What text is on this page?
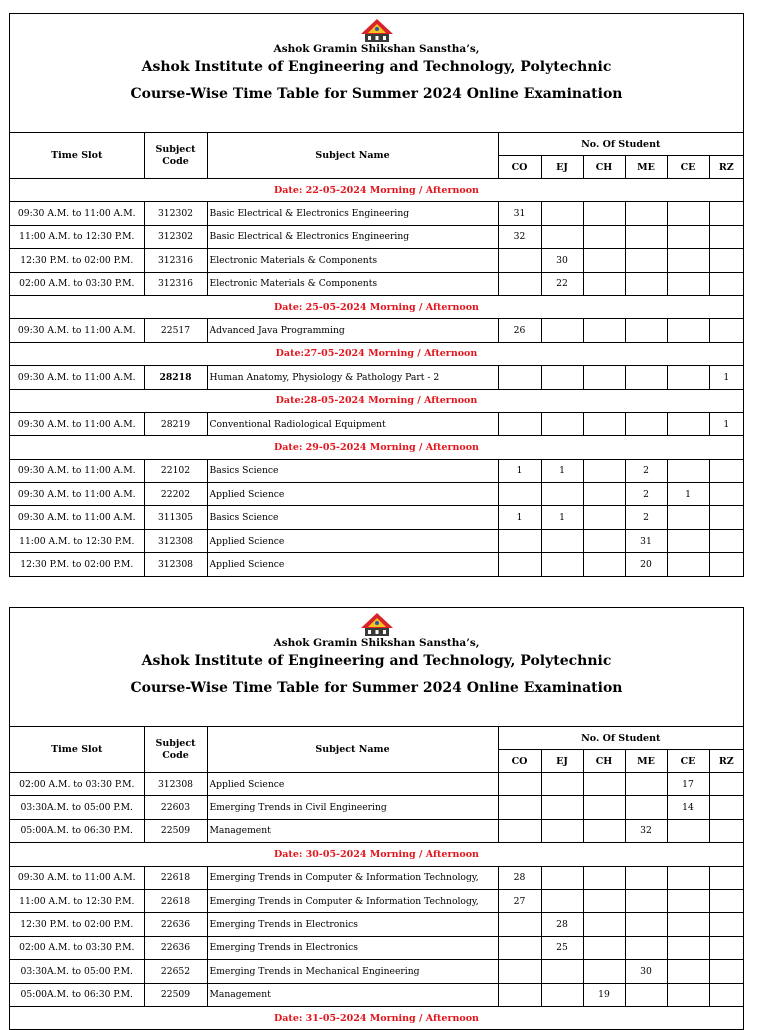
Ashok Gramin Shikshan Sanstha’s,
Ashok Institute of Engineering and Technology, Polytechnic
Course-Wise Time Table for Summer 2024 Online Examination
Time Slot	Subject Code	Subject Name	No. Of Student					
			CO	EJ	CH	ME	CE	RZ
Date: 22-05-2024 Morning / Afternoon								
09:30 A.M. to 11:00 A.M.	312302	Basic Electrical & Electronics Engineering	31					
11:00 A.M. to 12:30 P.M.	312302	Basic Electrical & Electronics Engineering	32					
12:30 P.M. to 02:00 P.M.	312316	Electronic Materials & Components		30				
02:00 A.M. to 03:30 P.M.	312316	Electronic Materials & Components		22				
Date: 25-05-2024 Morning / Afternoon								
09:30 A.M. to 11:00 A.M.	22517	Advanced Java Programming	26					
Date:27-05-2024 Morning / Afternoon								
09:30 A.M. to 11:00 A.M.	28218	Human Anatomy, Physiology & Pathology Part - 2						1
Date:28-05-2024 Morning / Afternoon								
09:30 A.M. to 11:00 A.M.	28219	Conventional Radiological Equipment						1
Date: 29-05-2024 Morning / Afternoon								
09:30 A.M. to 11:00 A.M.	22102	Basics Science	1	1		2		
09:30 A.M. to 11:00 A.M.	22202	Applied Science				2	1	
09:30 A.M. to 11:00 A.M.	311305	Basics Science	1	1		2		
11:00 A.M. to 12:30 P.M.	312308	Applied Science				31		
12:30 P.M. to 02:00 P.M.	312308	Applied Science				20		
Ashok Gramin Shikshan Sanstha’s,
Ashok Institute of Engineering and Technology, Polytechnic
Course-Wise Time Table for Summer 2024 Online Examination
Time Slot	Subject Code	Subject Name	No. Of Student					
			CO	EJ	CH	ME	CE	RZ
02:00 A.M. to 03:30 P.M.	312308	Applied Science					17	
03:30A.M. to 05:00 P.M.	22603	Emerging Trends in Civil Engineering					14	
05:00A.M. to 06:30 P.M.	22509	Management				32		
Date: 30-05-2024 Morning / Afternoon								
09:30 A.M. to 11:00 A.M.	22618	Emerging Trends in Computer & Information Technology,	28					
11:00 A.M. to 12:30 P.M.	22618	Emerging Trends in Computer & Information Technology,	27					
12:30 P.M. to 02:00 P.M.	22636	Emerging Trends in Electronics		28				
02:00 A.M. to 03:30 P.M.	22636	Emerging Trends in Electronics		25				
03:30A.M. to 05:00 P.M.	22652	Emerging Trends in Mechanical Engineering				30		
05:00A.M. to 06:30 P.M.	22509	Management			19			
Date: 31-05-2024 Morning / Afternoon								
